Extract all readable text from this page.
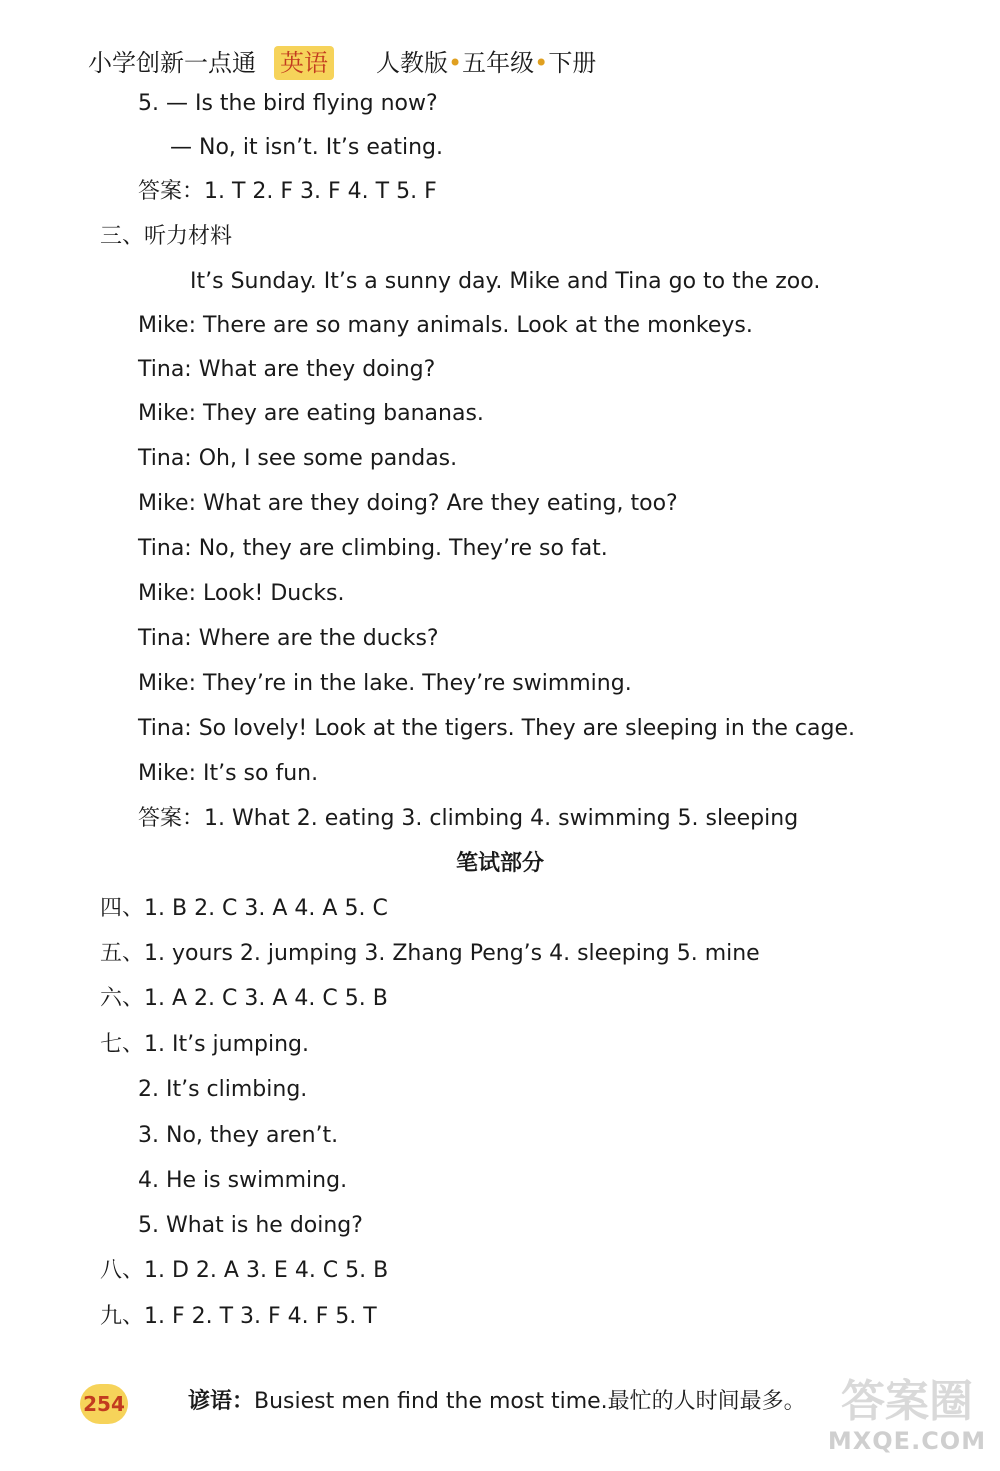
小学创新一点通 英语 人教版•五年级•下册
5. — Is the bird flying now?
— No, it isn’t. It’s eating.
答案：1. T 2. F 3. F 4. T 5. F
三、听力材料
It’s Sunday. It’s a sunny day. Mike and Tina go to the zoo.
Mike: There are so many animals. Look at the monkeys.
Tina: What are they doing?
Mike: They are eating bananas.
Tina: Oh, I see some pandas.
Mike: What are they doing? Are they eating, too?
Tina: No, they are climbing. They’re so fat.
Mike: Look! Ducks.
Tina: Where are the ducks?
Mike: They’re in the lake. They’re swimming.
Tina: So lovely! Look at the tigers. They are sleeping in the cage.
Mike: It’s so fun.
答案：1. What 2. eating 3. climbing 4. swimming 5. sleeping
四、1. B 2. C 3. A 4. A 5. C
五、1. yours 2. jumping 3. Zhang Peng’s 4. sleeping 5. mine
六、1. A 2. C 3. A 4. C 5. B
七、1. It’s jumping.
2. It’s climbing.
3. No, they aren’t.
4. He is swimming.
5. What is he doing?
八、1. D 2. A 3. E 4. C 5. B
九、1. F 2. T 3. F 4. F 5. T
笔试部分
254	谚语：Busiest men find the most time.最忙的人时间最多。 答案圈
MXQE.COM
